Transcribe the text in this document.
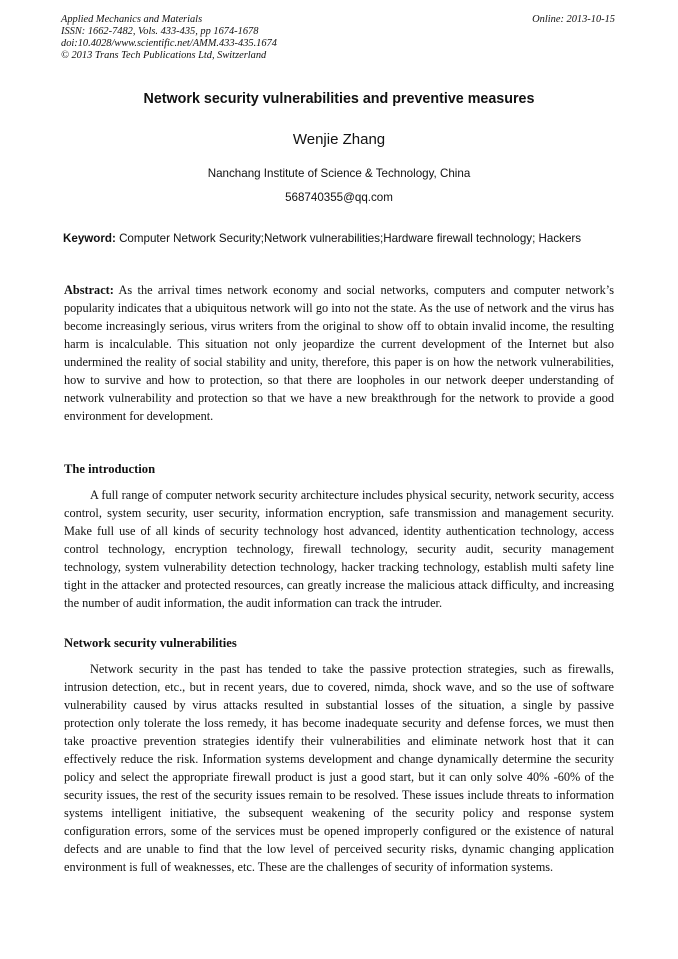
Applied Mechanics and Materials
ISSN: 1662-7482, Vols. 433-435, pp 1674-1678
doi:10.4028/www.scientific.net/AMM.433-435.1674
© 2013 Trans Tech Publications Ltd, Switzerland
Online: 2013-10-15
Network security vulnerabilities and preventive measures
Wenjie Zhang
Nanchang Institute of Science & Technology, China
568740355@qq.com
Keyword: Computer Network Security;Network vulnerabilities;Hardware firewall technology; Hackers
Abstract: As the arrival times network economy and social networks, computers and computer network’s popularity indicates that a ubiquitous network will go into not the state. As the use of network and the virus has become increasingly serious, virus writers from the original to show off to obtain invalid income, the resulting harm is incalculable. This situation not only jeopardize the current development of the Internet but also undermined the reality of social stability and unity, therefore, this paper is on how the network vulnerabilities, how to survive and how to protection, so that there are loopholes in our network deeper understanding of network vulnerability and protection so that we have a new breakthrough for the network to provide a good environment for development.
The introduction
A full range of computer network security architecture includes physical security, network security, access control, system security, user security, information encryption, safe transmission and management security. Make full use of all kinds of security technology host advanced, identity authentication technology, access control technology, encryption technology, firewall technology, security audit, security management technology, system vulnerability detection technology, hacker tracking technology, establish multi safety line tight in the attacker and protected resources, can greatly increase the malicious attack difficulty, and increasing the number of audit information, the audit information can track the intruder.
Network security vulnerabilities
Network security in the past has tended to take the passive protection strategies, such as firewalls, intrusion detection, etc., but in recent years, due to covered, nimda, shock wave, and so the use of software vulnerability caused by virus attacks resulted in substantial losses of the situation, a single by passive protection only tolerate the loss remedy, it has become inadequate security and defense forces, we must then take proactive prevention strategies identify their vulnerabilities and eliminate network host that it can effectively reduce the risk. Information systems development and change dynamically determine the security policy and select the appropriate firewall product is just a good start, but it can only solve 40% -60% of the security issues, the rest of the security issues remain to be resolved. These issues include threats to information systems intelligent initiative, the subsequent weakening of the security policy and response system configuration errors, some of the services must be opened improperly configured or the existence of natural defects and are unable to find that the low level of perceived security risks, dynamic changing application environment is full of weaknesses, etc. These are the challenges of security of information systems.
